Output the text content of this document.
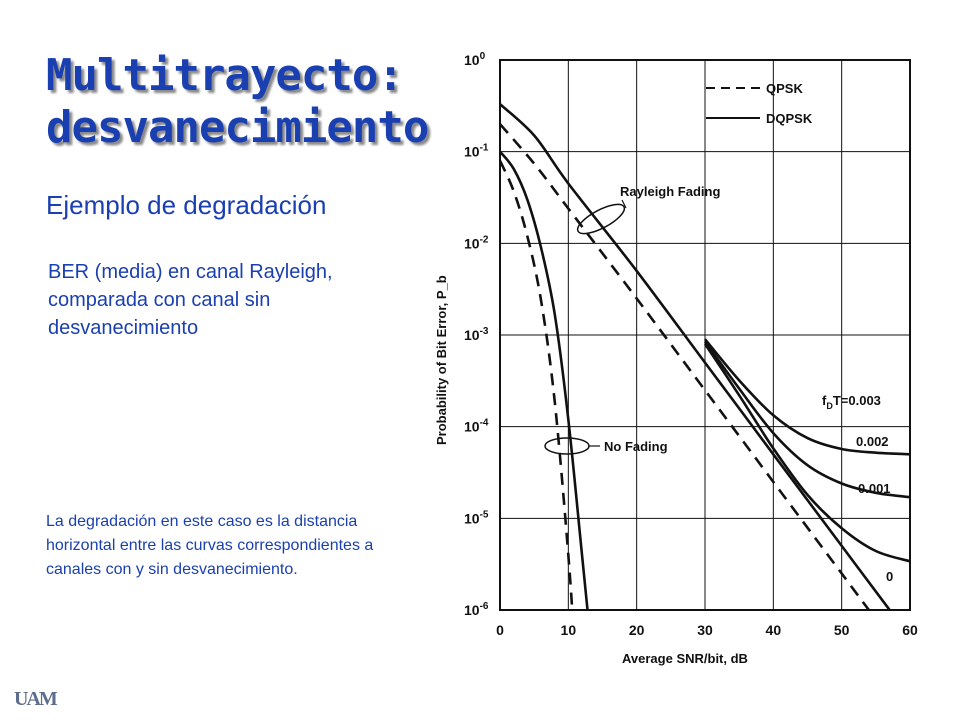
Multitrayecto:
desvanecimiento
Ejemplo de degradación
BER (media) en canal Rayleigh, comparada con canal sin desvanecimiento
La degradación en este caso es la distancia horizontal entre las curvas correspondientes a canales con y sin desvanecimiento.
UAM
0	10	20	30	40	50	60
$10^0$
$10^{-1}$
$10^{-2}$
$10^{-3}$
$10^{-4}$
$10^{-5}$
$10^{-6}$
QPSK
DQPSK
Rayleigh Fading
No Fading
$f_DT=0.003$
0.002
0.001
0
Average SNR/bit, dB
Probability of Bit Error, P_b
